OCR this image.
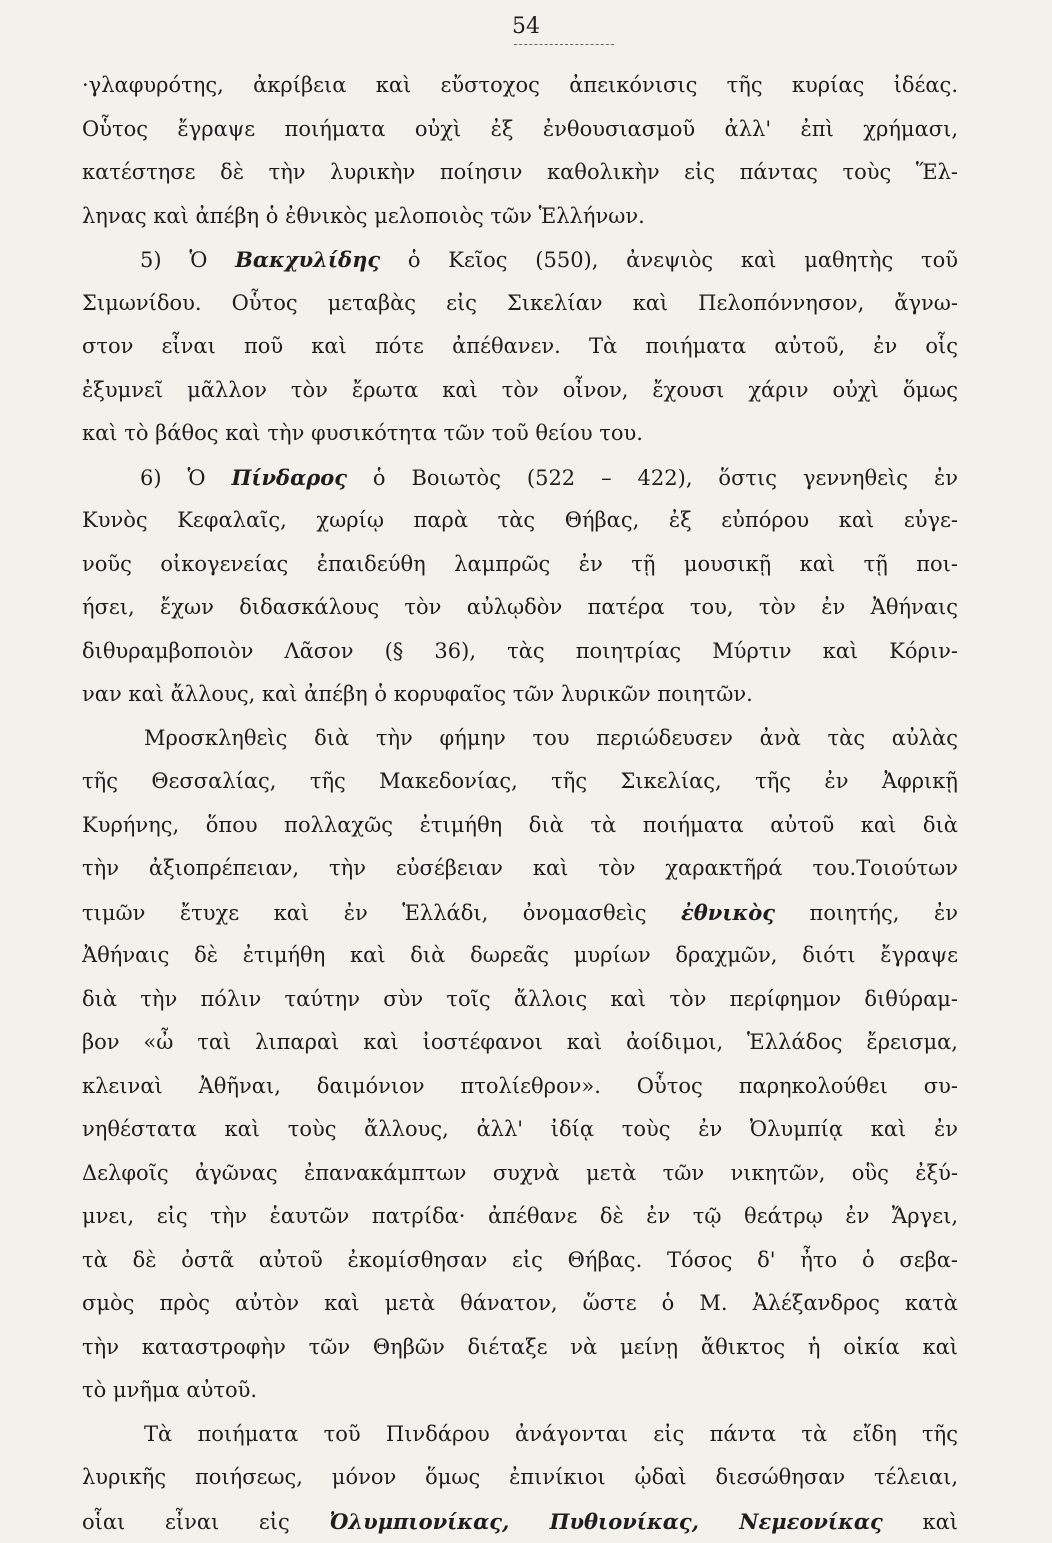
54
·γλαφυρότης, ἀκρίβεια καὶ εὔστοχος ἀπεικόνισις τῆς κυρίας ἰδέας.
Οὗτος ἔγραψε ποιήματα οὐχὶ ἐξ ἐνθουσιασμοῦ ἀλλ' ἐπὶ χρήμασι,
κατέστησε δὲ τὴν λυρικὴν ποίησιν καθολικὴν εἰς πάντας τοὺς Ἕλ-
ληνας καὶ ἀπέβη ὁ ἐθνικὸς μελοποιὸς τῶν Ἑλλήνων.
5) Ὁ Βακχυλίδης ὁ Κεῖος (550), ἀνεψιὸς καὶ μαθητὴς τοῦ
Σιμωνίδου. Οὗτος μεταβὰς εἰς Σικελίαν καὶ Πελοπόννησον, ἄγνω-
στον εἶναι ποῦ καὶ πότε ἀπέθανεν. Τὰ ποιήματα αὐτοῦ, ἐν οἷς
ἐξυμνεῖ μᾶλλον τὸν ἔρωτα καὶ τὸν οἶνον, ἔχουσι χάριν οὐχὶ ὅμως
καὶ τὸ βάθος καὶ τὴν φυσικότητα τῶν τοῦ θείου του.
6) Ὁ Πίνδαρος ὁ Βοιωτὸς (522 – 422), ὅστις γεννηθεὶς ἐν
Κυνὸς Κεφαλαῖς, χωρίῳ παρὰ τὰς Θήβας, ἐξ εὐπόρου καὶ εὐγε-
νοῦς οἰκογενείας ἐπαιδεύθη λαμπρῶς ἐν τῇ μουσικῇ καὶ τῇ ποι-
ήσει, ἔχων διδασκάλους τὸν αὐλῳδὸν πατέρα του, τὸν ἐν Ἀθήναις
διθυραμβοποιὸν Λᾶσον (§ 36), τὰς ποιητρίας Μύρτιν καὶ Κόριν-
ναν καὶ ἄλλους, καὶ ἀπέβη ὁ κορυφαῖος τῶν λυρικῶν ποιητῶν.
Μροσκληθεὶς διὰ τὴν φήμην του περιώδευσεν ἀνὰ τὰς αὐλὰς
τῆς Θεσσαλίας, τῆς Μακεδονίας, τῆς Σικελίας, τῆς ἐν Ἀφρικῇ
Κυρήνης, ὅπου πολλαχῶς ἐτιμήθη διὰ τὰ ποιήματα αὐτοῦ καὶ διὰ
τὴν ἀξιοπρέπειαν, τὴν εὐσέβειαν καὶ τὸν χαρακτῆρά του.Τοιούτων
τιμῶν ἔτυχε καὶ ἐν Ἑλλάδι, ὀνομασθεὶς ἐθνικὸς ποιητής, ἐν
Ἀθήναις δὲ ἐτιμήθη καὶ διὰ δωρεᾶς μυρίων δραχμῶν, διότι ἔγραψε
διὰ τὴν πόλιν ταύτην σὺν τοῖς ἄλλοις καὶ τὸν περίφημον διθύραμ-
βον «ὦ ταὶ λιπαραὶ καὶ ἰοστέφανοι καὶ ἀοίδιμοι, Ἑλλάδος ἔρεισμα,
κλειναὶ Ἀθῆναι, δαιμόνιον πτολίεθρον». Οὗτος παρηκολούθει συ-
νηθέστατα καὶ τοὺς ἄλλους, ἀλλ' ἰδίᾳ τοὺς ἐν Ὀλυμπίᾳ καὶ ἐν
Δελφοῖς ἀγῶνας ἐπανακάμπτων συχνὰ μετὰ τῶν νικητῶν, οὓς ἐξύ-
μνει, εἰς τὴν ἑαυτῶν πατρίδα· ἀπέθανε δὲ ἐν τῷ θεάτρῳ ἐν Ἄργει,
τὰ δὲ ὀστᾶ αὐτοῦ ἐκομίσθησαν εἰς Θήβας. Τόσος δ' ἦτο ὁ σεβα-
σμὸς πρὸς αὐτὸν καὶ μετὰ θάνατον, ὥστε ὁ Μ. Ἀλέξανδρος κατὰ
τὴν καταστροφὴν τῶν Θηβῶν διέταξε νὰ μείνῃ ἄθικτος ἡ οἰκία καὶ
τὸ μνῆμα αὐτοῦ.
Τὰ ποιήματα τοῦ Πινδάρου ἀνάγονται εἰς πάντα τὰ εἴδη τῆς
λυρικῆς ποιήσεως, μόνον ὅμως ἐπινίκιοι ᾠδαὶ διεσώθησαν τέλειαι,
οἷαι εἶναι εἰς Ὀλυμπιονίκας, Πυθιονίκας, Νεμεονίκας καὶ
